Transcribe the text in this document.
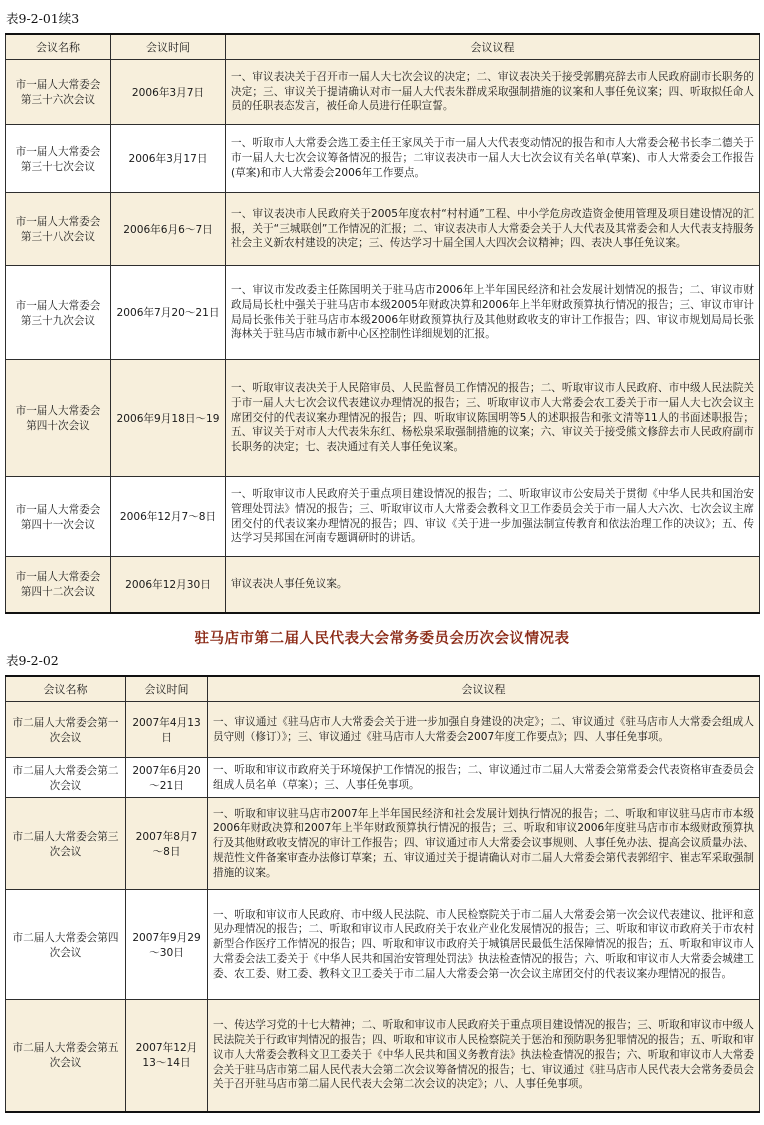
表9-2-01续3
会议名称	会议时间	会议议程
市一届人大常委会第三十六次会议	2006年3月7日	一、审议表决关于召开市一届人大七次会议的决定；二、审议表决关于接受郭鹏亮辞去市人民政府副市长职务的决定；三、审议关于提请确认对市一届人大代表朱群成采取强制措施的议案和人事任免议案；四、听取拟任命人员的任职表态发言，被任命人员进行任职宣誓。
市一届人大常委会第三十七次会议	2006年3月17日	一、听取市人大常委会选工委主任王家凤关于市一届人大代表变动情况的报告和市人大常委会秘书长李二德关于市一届人大七次会议筹备情况的报告；二审议表决市一届人大七次会议有关名单(草案)、市人大常委会工作报告(草案)和市人大常委会2006年工作要点。
市一届人大常委会第三十八次会议	2006年6月6～7日	一、审议表决市人民政府关于2005年度农村“村村通”工程、中小学危房改造资金使用管理及项目建设情况的汇报，关于“三城联创”工作情况的汇报；二、审议表决市人大常委会关于人大代表及其常委会和人大代表支持服务社会主义新农村建设的决定；三、传达学习十届全国人大四次会议精神；四、表决人事任免议案。
市一届人大常委会第三十九次会议	2006年7月20～21日	一、审议市发改委主任陈国明关于驻马店市2006年上半年国民经济和社会发展计划情况的报告；二、审议市财政局局长杜中强关于驻马店市本级2005年财政决算和2006年上半年财政预算执行情况的报告；三、审议市审计局局长张伟关于驻马店市本级2006年财政预算执行及其他财政收支的审计工作报告；四、审议市规划局局长张海林关于驻马店市城市新中心区控制性详细规划的汇报。
市一届人大常委会第四十次会议	2006年9月18日～19	一、听取审议表决关于人民陪审员、人民监督员工作情况的报告；二、听取审议市人民政府、市中级人民法院关于市一届人大七次会议代表建议办理情况的报告；三、听取审议市人大常委会农工委关于市一届人大七次会议主席团交付的代表议案办理情况的报告；四、听取审议陈国明等5人的述职报告和张文清等11人的书面述职报告；五、审议关于对市人大代表朱东红、杨松泉采取强制措施的议案；六、审议关于接受熊文修辞去市人民政府副市长职务的决定；七、表决通过有关人事任免议案。
市一届人大常委会第四十一次会议	2006年12月7～8日	一、听取审议市人民政府关于重点项目建设情况的报告；二、听取审议市公安局关于贯彻《中华人民共和国治安管理处罚法》情况的报告；三、听取审议市人大常委会教科文卫工作委员会关于市一届人大六次、七次会议主席团交付的代表议案办理情况的报告；四、审议《关于进一步加强法制宣传教育和依法治理工作的决议》；五、传达学习吴邦国在河南专题调研时的讲话。
市一届人大常委会第四十二次会议	2006年12月30日	审议表决人事任免议案。
驻马店市第二届人民代表大会常务委员会历次会议情况表
表9-2-02
会议名称	会议时间	会议议程
市二届人大常委会第一次会议	2007年4月13日	一、审议通过《驻马店市人大常委会关于进一步加强自身建设的决定》；二、审议通过《驻马店市人大常委会组成人员守则（修订）》；三、审议通过《驻马店市人大常委会2007年度工作要点》；四、人事任免事项。
市二届人大常委会第二次会议	2007年6月20～21日	一、听取和审议市政府关于环境保护工作情况的报告；二、审议通过市二届人大常委会第常委会代表资格审查委员会组成人员名单（草案）；三、人事任免事项。
市二届人大常委会第三次会议	2007年8月7～8日	一、听取和审议驻马店市2007年上半年国民经济和社会发展计划执行情况的报告；二、听取和审议驻马店市市本级2006年财政决算和2007年上半年财政预算执行情况的报告；三、听取和审议2006年度驻马店市市本级财政预算执行及其他财政收支情况的审计工作报告；四、审议通过市人大常委会议事规则、人事任免办法、提高会议质量办法、规范性文件备案审查办法修订草案；五、审议通过关于提请确认对市二届人大常委会第代表郭绍宇、崔志军采取强制措施的议案。
市二届人大常委会第四次会议	2007年9月29～30日	一、听取和审议市人民政府、市中级人民法院、市人民检察院关于市二届人大常委会第一次会议代表建议、批评和意见办理情况的报告；二、听取和审议市人民政府关于农业产业化发展情况的报告；三、听取和审议市政府关于市农村新型合作医疗工作情况的报告；四、听取和审议市政府关于城镇居民最低生活保障情况的报告；五、听取和审议市人大常委会法工委关于《中华人民共和国治安管理处罚法》执法检查情况的报告；六、听取和审议市人大常委会城建工委、农工委、财工委、教科文卫工委关于市二届人大常委会第一次会议主席团交付的代表议案办理情况的报告。
市二届人大常委会第五次会议	2007年12月13～14日	一、传达学习党的十七大精神；二、听取和审议市人民政府关于重点项目建设情况的报告；三、听取和审议市中级人民法院关于行政审判情况的报告；四、听取和审议市人民检察院关于惩治和预防职务犯罪情况的报告；五、听取和审议市人大常委会教科文卫工委关于《中华人民共和国义务教育法》执法检查情况的报告；六、听取和审议市人大常委会关于驻马店市第二届人民代表大会第二次会议筹备情况的报告；七、审议通过《驻马店市人民代表大会常务委员会关于召开驻马店市第二届人民代表大会第二次会议的决定》；八、人事任免事项。
